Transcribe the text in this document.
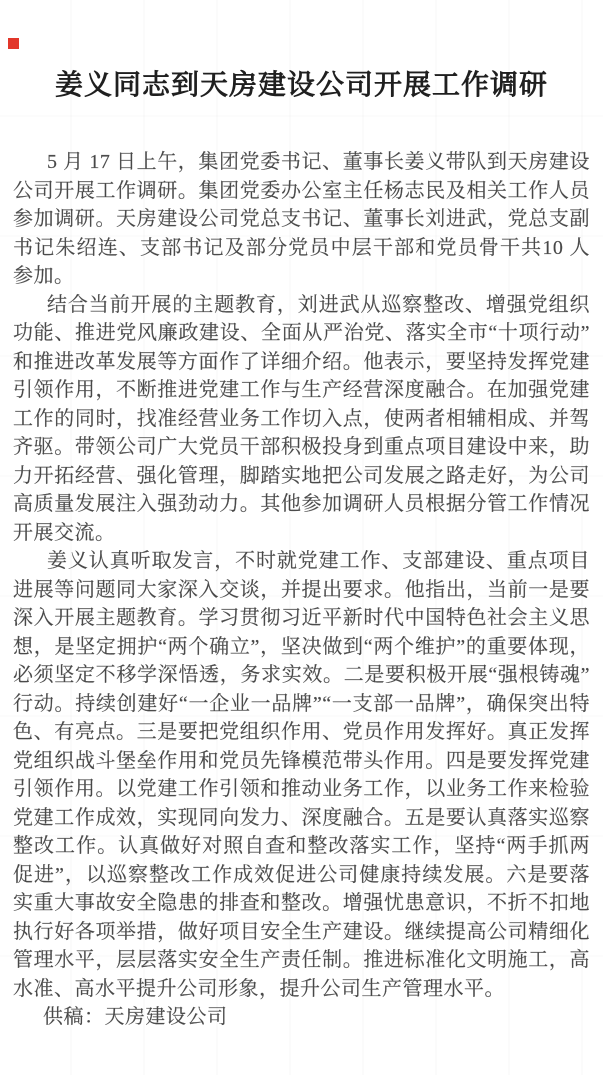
姜义同志到天房建设公司开展工作调研

5 月 17 日上午，集团党委书记、董事长姜义带队到天房建设公司开展工作调研。集团党委办公室主任杨志民及相关工作人员参加调研。天房建设公司党总支书记、董事长刘进武，党总支副书记朱绍连、支部书记及部分党员中层干部和党员骨干共10 人参加。

结合当前开展的主题教育，刘进武从巡察整改、增强党组织功能、推进党风廉政建设、全面从严治党、落实全市“十项行动”和推进改革发展等方面作了详细介绍。他表示，要坚持发挥党建引领作用，不断推进党建工作与生产经营深度融合。在加强党建工作的同时，找准经营业务工作切入点，使两者相辅相成、并驾齐驱。带领公司广大党员干部积极投身到重点项目建设中来，助力开拓经营、强化管理，脚踏实地把公司发展之路走好，为公司高质量发展注入强劲动力。其他参加调研人员根据分管工作情况开展交流。

姜义认真听取发言，不时就党建工作、支部建设、重点项目进展等问题同大家深入交谈，并提出要求。他指出，当前一是要深入开展主题教育。学习贯彻习近平新时代中国特色社会主义思想，是坚定拥护“两个确立”，坚决做到“两个维护”的重要体现，必须坚定不移学深悟透，务求实效。二是要积极开展“强根铸魂”行动。持续创建好“一企业一品牌”“一支部一品牌”，确保突出特色、有亮点。三是要把党组织作用、党员作用发挥好。真正发挥党组织战斗堡垒作用和党员先锋模范带头作用。四是要发挥党建引领作用。以党建工作引领和推动业务工作，以业务工作来检验党建工作成效，实现同向发力、深度融合。五是要认真落实巡察整改工作。认真做好对照自查和整改落实工作，坚持“两手抓两促进”，以巡察整改工作成效促进公司健康持续发展。六是要落实重大事故安全隐患的排查和整改。增强忧患意识，不折不扣地执行好各项举措，做好项目安全生产建设。继续提高公司精细化管理水平，层层落实安全生产责任制。推进标准化文明施工，高水准、高水平提升公司形象，提升公司生产管理水平。

供稿：天房建设公司
